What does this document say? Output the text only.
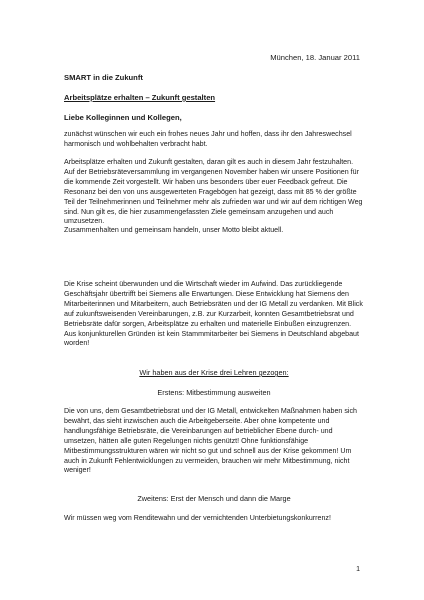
München, 18. Januar 2011
SMART in die Zukunft
Arbeitsplätze erhalten – Zukunft gestalten
Liebe Kolleginnen und Kollegen,
zunächst wünschen wir euch ein frohes neues Jahr und hoffen, dass ihr den Jahreswechsel harmonisch und wohlbehalten verbracht habt.
Arbeitsplätze erhalten und Zukunft gestalten, daran gilt es auch in diesem Jahr festzuhalten. Auf der Betriebsräteversammlung im vergangenen November haben wir unsere Positionen für die kommende Zeit vorgestellt. Wir haben uns besonders über euer Feedback gefreut. Die Resonanz bei den von uns ausgewerteten Fragebögen hat gezeigt, dass mit 85 % der größte Teil der Teilnehmerinnen und Teilnehmer mehr als zufrieden war und wir auf dem richtigen Weg sind. Nun gilt es, die hier zusammengefassten Ziele gemeinsam anzugehen und auch umzusetzen.
Zusammenhalten und gemeinsam handeln, unser Motto bleibt aktuell.
Die Krise scheint überwunden und die Wirtschaft wieder im Aufwind. Das zurückliegende Geschäftsjahr übertrifft bei Siemens alle Erwartungen. Diese Entwicklung hat Siemens den Mitarbeiterinnen und Mitarbeitern, auch Betriebsräten und der IG Metall zu verdanken. Mit Blick auf zukunftsweisenden Vereinbarungen, z.B. zur Kurzarbeit, konnten Gesamtbetriebsrat und Betriebsräte dafür sorgen, Arbeitsplätze zu erhalten und materielle Einbußen einzugrenzen. Aus konjunkturellen Gründen ist kein Stammmitarbeiter bei Siemens in Deutschland abgebaut worden!
Wir haben aus der Krise drei Lehren gezogen:
Erstens: Mitbestimmung ausweiten
Die von uns, dem Gesamtbetriebsrat und der IG Metall, entwickelten Maßnahmen haben sich bewährt, das sieht inzwischen auch die Arbeitgeberseite. Aber ohne kompetente und handlungsfähige Betriebsräte, die Vereinbarungen auf betrieblicher Ebene durch- und umsetzen, hätten alle guten Regelungen nichts genützt! Ohne funktionsfähige Mitbestimmungsstrukturen wären wir nicht so gut und schnell aus der Krise gekommen! Um auch in Zukunft Fehlentwicklungen zu vermeiden, brauchen wir mehr Mitbestimmung, nicht weniger!
Zweitens: Erst der Mensch und dann die Marge
Wir müssen weg vom Renditewahn und der vernichtenden Unterbietungskonkurrenz!
1
